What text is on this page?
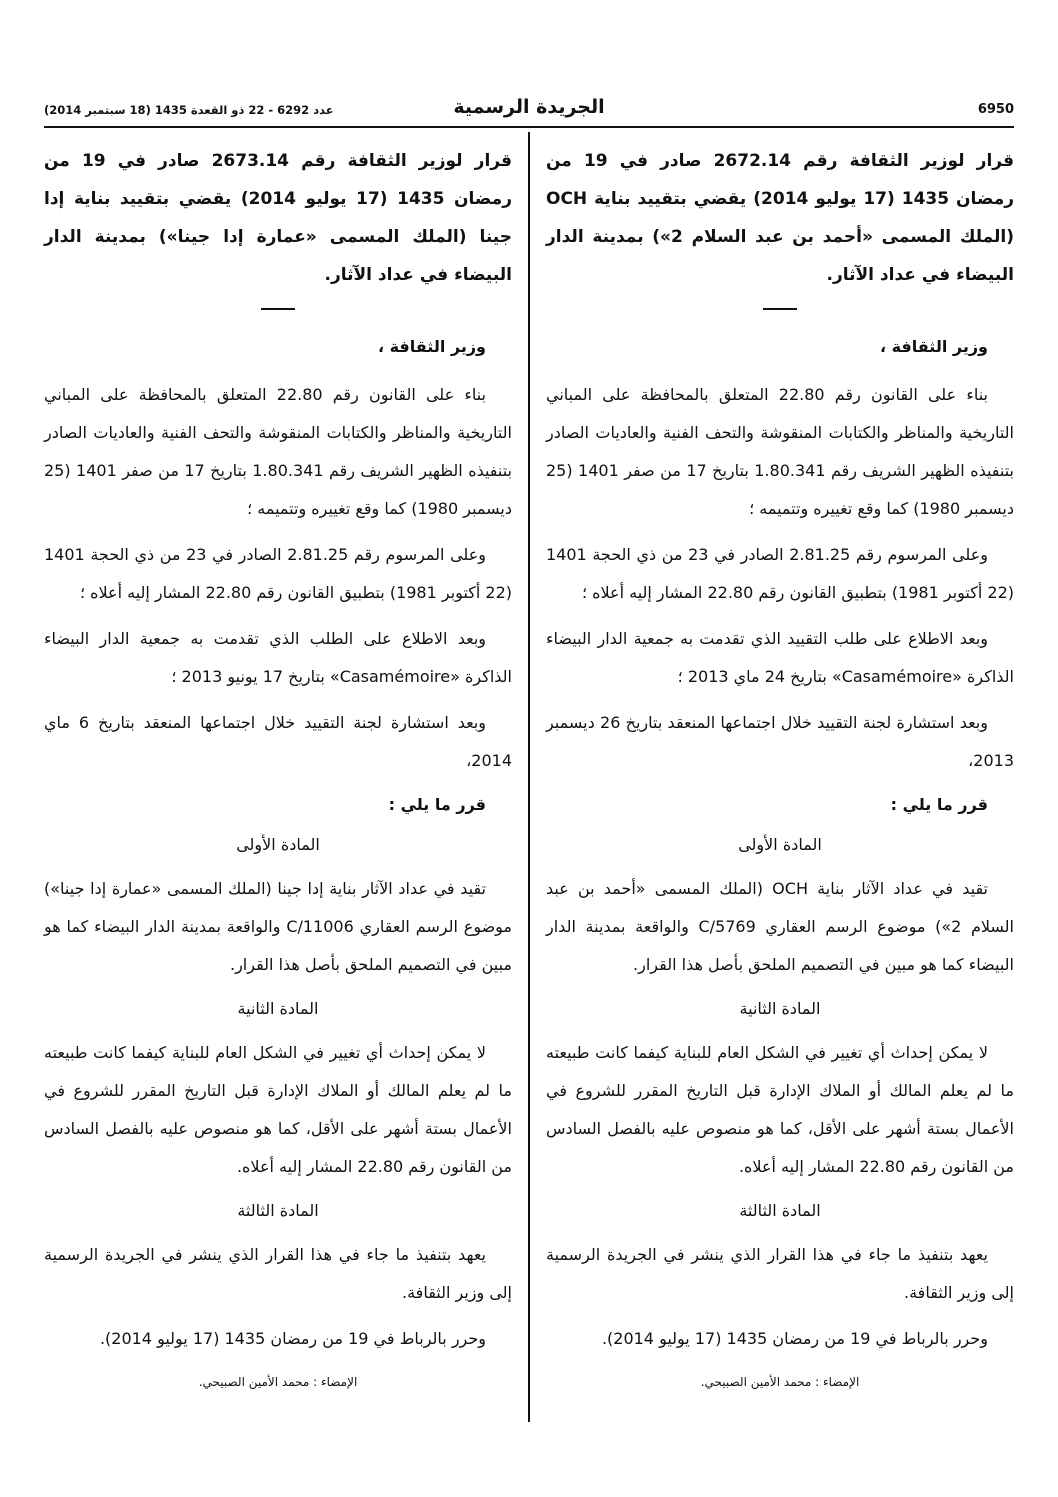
6950
الجريدة الرسمية
عدد 6292 - 22 ذو القعدة 1435 (18 سبتمبر 2014)

قرار لوزير الثقافة رقم 2672.14 صادر في 19 من رمضان 1435 (17 يوليو 2014) يقضي بتقييد بناية OCH (الملك المسمى «أحمد بن عبد السلام 2») بمدينة الدار البيضاء في عداد الآثار.

وزير الثقافة ،

بناء على القانون رقم 22.80 المتعلق بالمحافظة على المباني التاريخية والمناظر والكتابات المنقوشة والتحف الفنية والعاديات الصادر بتنفيذه الظهير الشريف رقم 1.80.341 بتاريخ 17 من صفر 1401 (25 ديسمبر 1980) كما وقع تغييره وتتميمه ؛

وعلى المرسوم رقم 2.81.25 الصادر في 23 من ذي الحجة 1401 (22 أكتوبر 1981) بتطبيق القانون رقم 22.80 المشار إليه أعلاه ؛

وبعد الاطلاع على طلب التقييد الذي تقدمت به جمعية الدار البيضاء الذاكرة «Casamémoire» بتاريخ 24 ماي 2013 ؛

وبعد استشارة لجنة التقييد خلال اجتماعها المنعقد بتاريخ 26 ديسمبر 2013،

قرر ما يلي :

المادة الأولى

تقيد في عداد الآثار بناية OCH (الملك المسمى «أحمد بن عبد السلام 2») موضوع الرسم العقاري C/5769 والواقعة بمدينة الدار البيضاء كما هو مبين في التصميم الملحق بأصل هذا القرار.

المادة الثانية

لا يمكن إحداث أي تغيير في الشكل العام للبناية كيفما كانت طبيعته ما لم يعلم المالك أو الملاك الإدارة قبل التاريخ المقرر للشروع في الأعمال بستة أشهر على الأقل، كما هو منصوص عليه بالفصل السادس من القانون رقم 22.80 المشار إليه أعلاه.

المادة الثالثة

يعهد بتنفيذ ما جاء في هذا القرار الذي ينشر في الجريدة الرسمية إلى وزير الثقافة.

وحرر بالرباط في 19 من رمضان 1435 (17 يوليو 2014).

الإمضاء : محمد الأمين الصبيحي.

قرار لوزير الثقافة رقم 2673.14 صادر في 19 من رمضان 1435 (17 يوليو 2014) يقضي بتقييد بناية إدا جينا (الملك المسمى «عمارة إدا جينا») بمدينة الدار البيضاء في عداد الآثار.

وزير الثقافة ،

بناء على القانون رقم 22.80 المتعلق بالمحافظة على المباني التاريخية والمناظر والكتابات المنقوشة والتحف الفنية والعاديات الصادر بتنفيذه الظهير الشريف رقم 1.80.341 بتاريخ 17 من صفر 1401 (25 ديسمبر 1980) كما وقع تغييره وتتميمه ؛

وعلى المرسوم رقم 2.81.25 الصادر في 23 من ذي الحجة 1401 (22 أكتوبر 1981) بتطبيق القانون رقم 22.80 المشار إليه أعلاه ؛

وبعد الاطلاع على الطلب الذي تقدمت به جمعية الدار البيضاء الذاكرة «Casamémoire» بتاريخ 17 يونيو 2013 ؛

وبعد استشارة لجنة التقييد خلال اجتماعها المنعقد بتاريخ 6 ماي 2014،

قرر ما يلي :

المادة الأولى

تقيد في عداد الآثار بناية إدا جينا (الملك المسمى «عمارة إدا جينا») موضوع الرسم العقاري C/11006 والواقعة بمدينة الدار البيضاء كما هو مبين في التصميم الملحق بأصل هذا القرار.

المادة الثانية

لا يمكن إحداث أي تغيير في الشكل العام للبناية كيفما كانت طبيعته ما لم يعلم المالك أو الملاك الإدارة قبل التاريخ المقرر للشروع في الأعمال بستة أشهر على الأقل، كما هو منصوص عليه بالفصل السادس من القانون رقم 22.80 المشار إليه أعلاه.

المادة الثالثة

يعهد بتنفيذ ما جاء في هذا القرار الذي ينشر في الجريدة الرسمية إلى وزير الثقافة.

وحرر بالرباط في 19 من رمضان 1435 (17 يوليو 2014).

الإمضاء : محمد الأمين الصبيحي.
